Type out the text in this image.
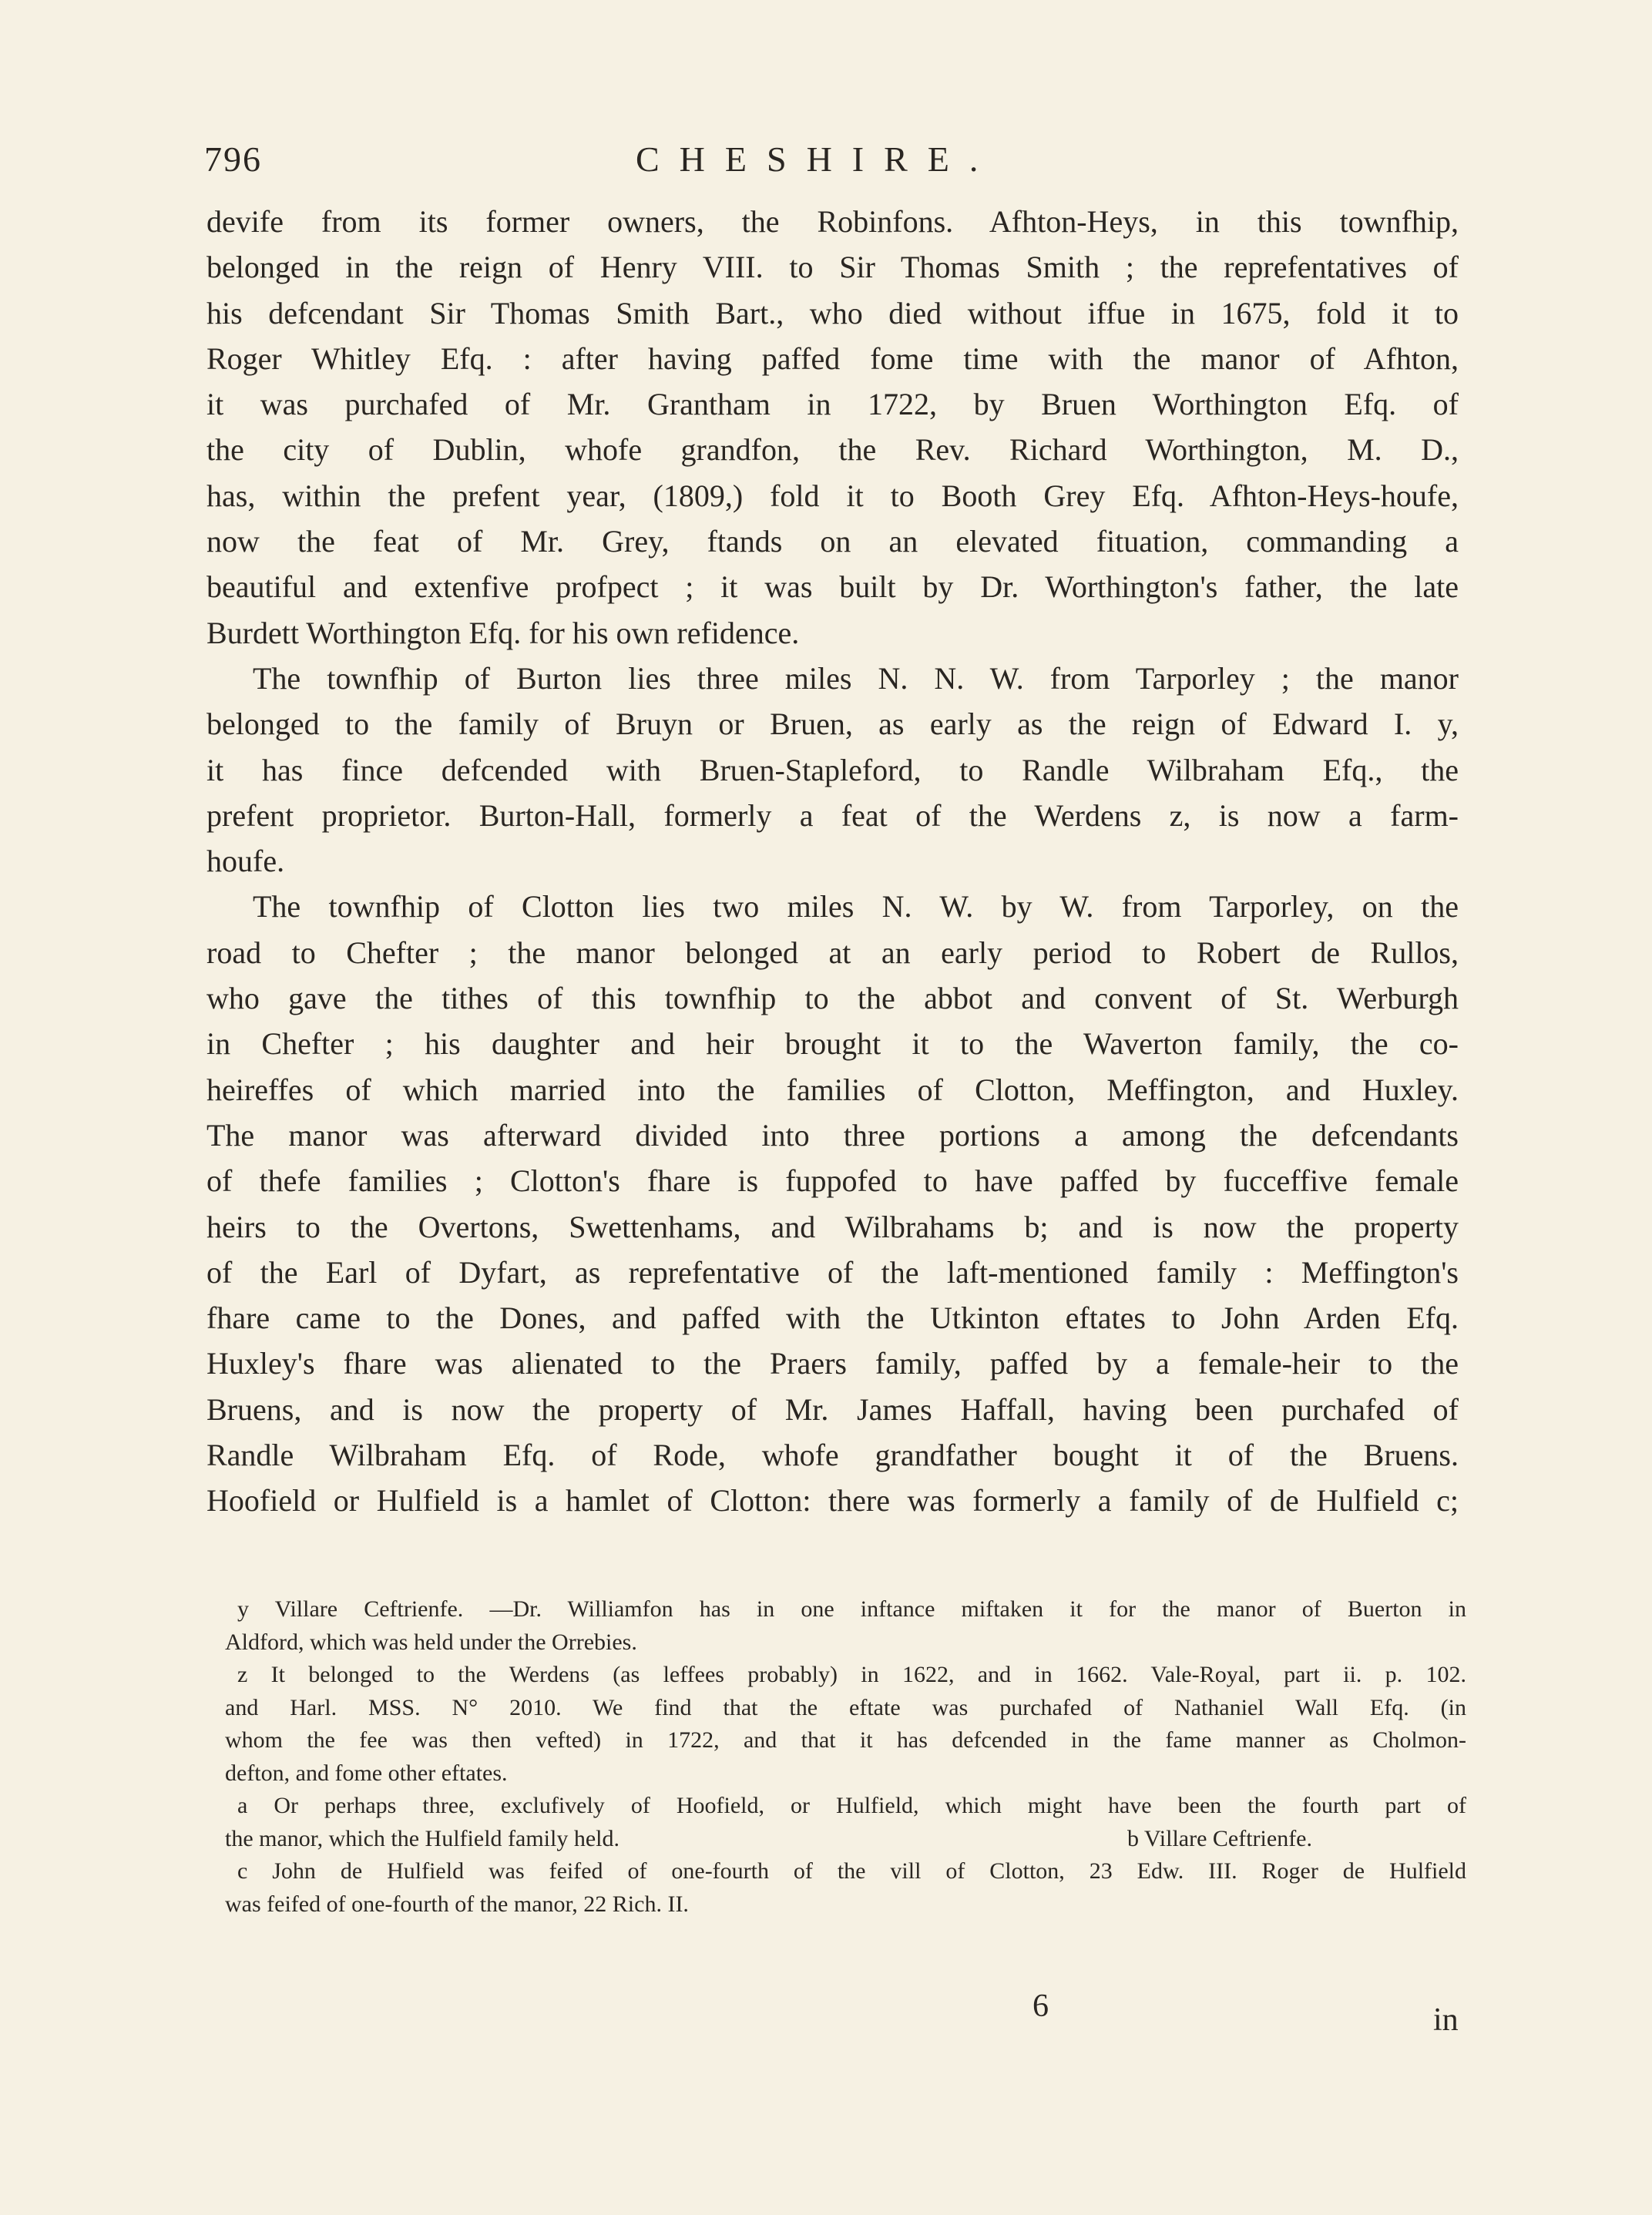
796	CHESHIRE.
devife from its former owners, the Robinfons. Afhton-Heys, in this townfhip,
belonged in the reign of Henry VIII. to Sir Thomas Smith ; the reprefentatives of
his defcendant Sir Thomas Smith Bart., who died without iffue in 1675, fold it to
Roger Whitley Efq. : after having paffed fome time with the manor of Afhton,
it was purchafed of Mr. Grantham in 1722, by Bruen Worthington Efq. of
the city of Dublin, whofe grandfon, the Rev. Richard Worthington, M. D.,
has, within the prefent year, (1809,) fold it to Booth Grey Efq. Afhton-Heys-houfe,
now the feat of Mr. Grey, ftands on an elevated fituation, commanding a
beautiful and extenfive profpect ; it was built by Dr. Worthington's father, the late
Burdett Worthington Efq. for his own refidence.
The townfhip of Burton lies three miles N. N. W. from Tarporley ; the manor
belonged to the family of Bruyn or Bruen, as early as the reign of Edward I. y,
it has fince defcended with Bruen-Stapleford, to Randle Wilbraham Efq., the
prefent proprietor. Burton-Hall, formerly a feat of the Werdens z, is now a farm-
houfe.
The townfhip of Clotton lies two miles N. W. by W. from Tarporley, on the
road to Chefter ; the manor belonged at an early period to Robert de Rullos,
who gave the tithes of this townfhip to the abbot and convent of St. Werburgh
in Chefter ; his daughter and heir brought it to the Waverton family, the co-
heireffes of which married into the families of Clotton, Meffington, and Huxley.
The manor was afterward divided into three portions a among the defcendants
of thefe families ; Clotton's fhare is fuppofed to have paffed by fucceffive female
heirs to the Overtons, Swettenhams, and Wilbrahams b; and is now the property
of the Earl of Dyfart, as reprefentative of the laft-mentioned family : Meffington's
fhare came to the Dones, and paffed with the Utkinton eftates to John Arden Efq.
Huxley's fhare was alienated to the Praers family, paffed by a female-heir to the
Bruens, and is now the property of Mr. James Haffall, having been purchafed of
Randle Wilbraham Efq. of Rode, whofe grandfather bought it of the Bruens.
Hoofield or Hulfield is a hamlet of Clotton: there was formerly a family of de Hulfield c;
y Villare Ceftrienfe. —Dr. Williamfon has in one inftance miftaken it for the manor of Buerton in
Aldford, which was held under the Orrebies.
z It belonged to the Werdens (as leffees probably) in 1622, and in 1662. Vale-Royal, part ii. p. 102.
and Harl. MSS. N° 2010. We find that the eftate was purchafed of Nathaniel Wall Efq. (in
whom the fee was then vefted) in 1722, and that it has defcended in the fame manner as Cholmon-
defton, and fome other eftates.
a Or perhaps three, exclufively of Hoofield, or Hulfield, which might have been the fourth part of
the manor, which the Hulfield family held.	b Villare Ceftrienfe.
c John de Hulfield was feifed of one-fourth of the vill of Clotton, 23 Edw. III. Roger de Hulfield
was feifed of one-fourth of the manor, 22 Rich. II.
6	in
